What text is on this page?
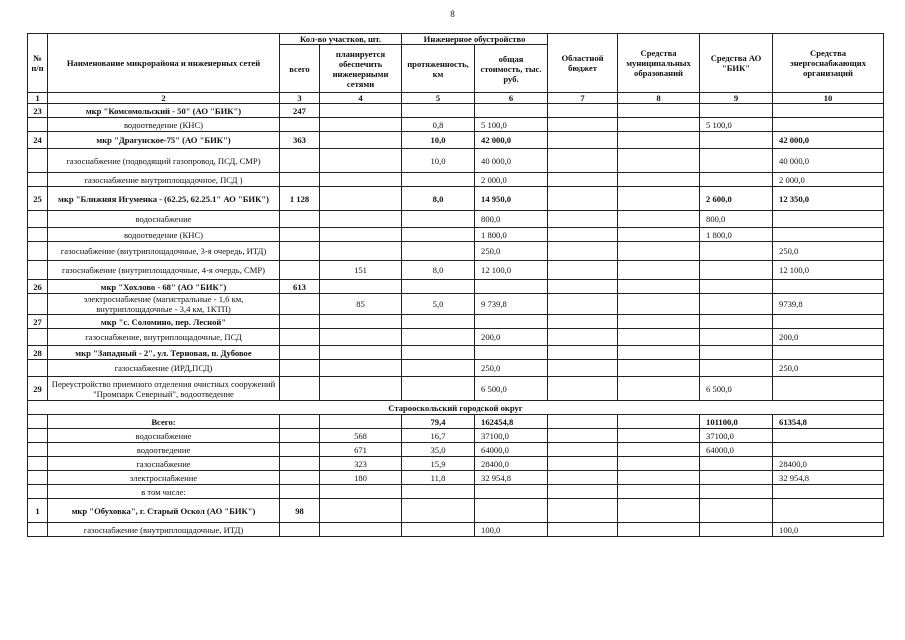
8
№
п/п	Наименование микрорайона и инженерных сетей	Кол-во участков, шт.		Инженерное обустройство		Областной бюджет	Средства муниципальных образований	Средства АО "БИК"	Средства энергоснабжающих организаций
		всего	планируется обеспечить инженерными сетями	протяженность, км	общая стоимость, тыс. руб.				
1	2	3	4	5	6	7	8	9	10
23	мкр "Комсомольский - 50" (АО "БИК")	247							
	водоотведение (КНС)			0,8	5 100,0			5 100,0	
24	мкр "Драгунское-75" (АО "БИК")	363		10,0	42 000,0				42 000,0
	газоснабжение (подводящий газопровод, ПСД, СМР)			10,0	40 000,0				40 000,0
	газоснабжение внутриплощадочное, ПСД )				2 000,0				2 000,0
25	мкр "Ближняя Игуменка - (62.25, 62.25.1" АО "БИК")	1 128		8,0	14 950,0			2 600,0	12 350,0
	водоснабжение				800,0			800,0	
	водоотведение (КНС)				1 800,0			1 800,0	
	газоснабжение (внутриплощадочные, 3-я очередь, ИТД)				250,0				250,0
	газоснабжение (внутриплощадочные, 4-я очердь, СМР)		151	8,0	12 100,0				12 100,0
26	мкр "Хохлово - 68" (АО "БИК")	613							
	электроснабжение (магистральные - 1,6 км, внутриплощадочные - 3,4 км, 1КТП)		85	5,0	9 739,8				9739,8
27	мкр "с. Соломино, пер. Лесной"								
	газоснабжение, внутриплощадочные, ПСД				200,0				200,0
28	мкр "Западный - 2", ул. Терновая, п. Дубовое								
	газоснабжение (ИРД,ПСД)				250,0				250,0
29	Переустройство приемного отделения очистных сооружений "Промпарк Северный", водоотведение				6 500,0			6 500,0	
Старооскольский городской округ									
	Всего:			79,4	162454,8			101100,0	61354,8
	водоснабжение		568	16,7	37100,0			37100,0	
	водоотведение		671	35,0	64000,0			64000,0	
	газоснабжение		323	15,9	28400,0				28400,0
	электроснабжение		180	11,8	32 954,8				32 954,8
	в том числе:								
1	мкр "Обуховка", г. Старый Оскол (АО "БИК")	98							
	газоснабжение (внутриплощадочные, ИТД)				100,0				100,0
